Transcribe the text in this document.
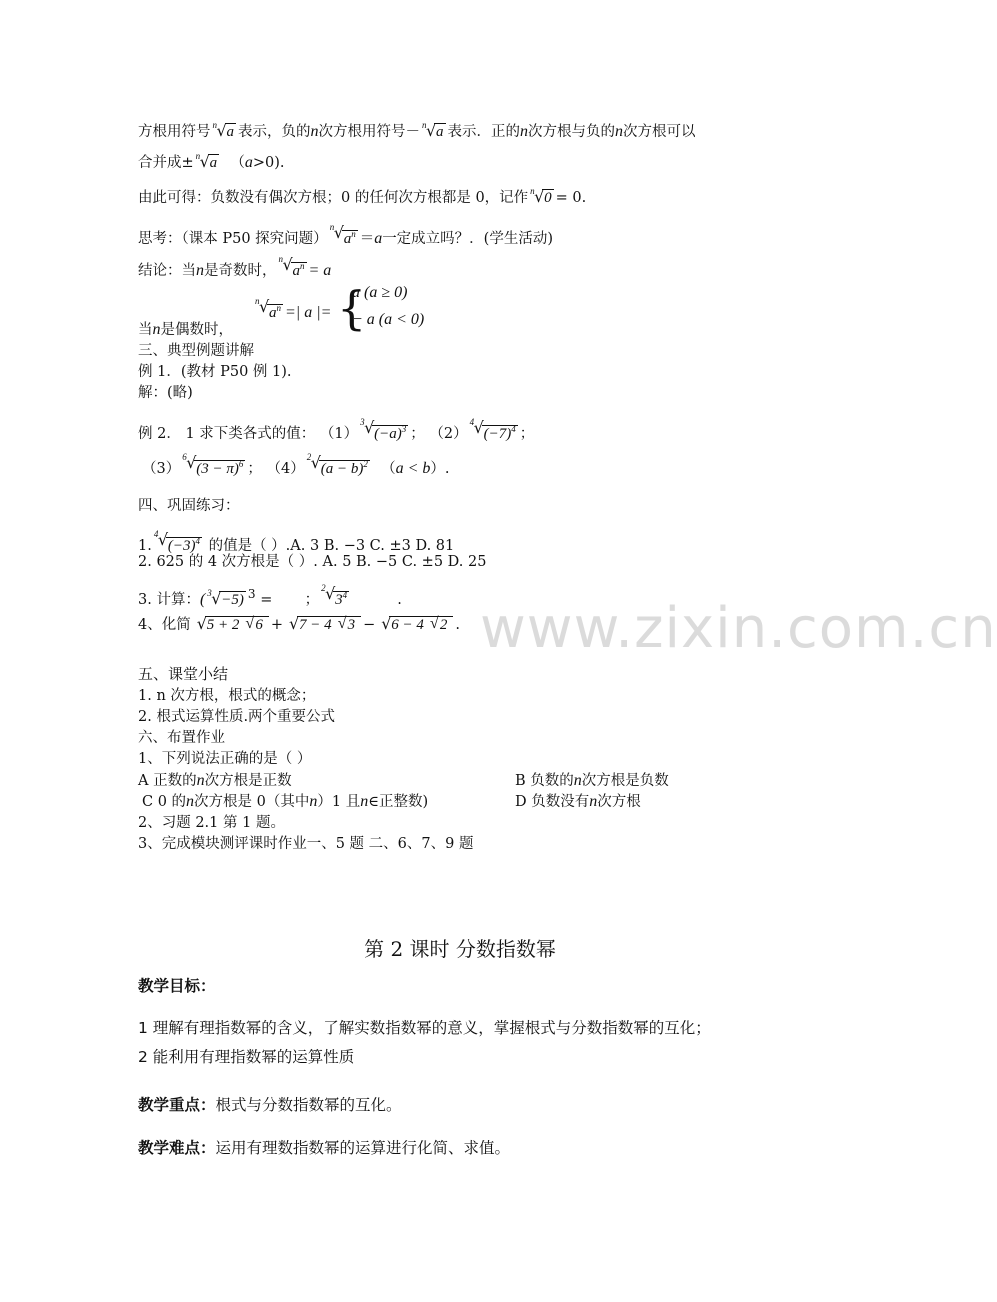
方根用符号 n √ a 表示，负的n次方根用符号－ n √ a 表示．正的n次方根与负的n次方根可以
合并成± n √ a （a>0).
由此可得：负数没有偶次方根；0 的任何次方根都是 0，记作 n √ 0 = 0.
思考：（课本 P50 探究问题）
n √ $a^n =a$一定成立吗？．(学生活动)
结论：当n是奇数时，
n √ $a^n = a$
n √ $a^n$ =| a |= {
a (a ≥ 0)
− a (a < 0)
当n是偶数时，
三、典型例题讲解
例 1．(教材 P50 例 1).
解：(略)
例 2． 1 求下类各式的值： （1）
3 √ $(-a)^3$ ； （2）
4 √ $(-7)^4$ ；
（3）
6 √ $(3 - \pi)^6$ ； （4）
2 √ $(a - b)^2$ （a < b）.
四、巩固练习：
1.
4 √ $(-3)^4$ 的值是（ ）.A. 3 B. −3 C. ±3 D. 81
2. 625 的 4 次方根是（ ）. A. 5 B. −5 C. ±5 D. 25
3. 计算：( 3 √ −5) $^3$ = ；
2 √ $3^4$	.
4、化简 √ 5 + 2 √ 6 + √ 7 − 4 √ 3 − √ 6 − 4 √ 2 .
五、课堂小结
1. n 次方根，根式的概念；
2. 根式运算性质.两个重要公式
六、布置作业
1、下列说法正确的是（ ）
A 正数的n次方根是正数	B 负数的n次方根是负数
C 0 的n次方根是 0（其中n）1 且n∈正整数)	D 负数没有n次方根
2、习题 2.1 第 1 题。
3、完成模块测评课时作业一、5 题 二、6、7、9 题
第 2 课时 分数指数幂
教学目标：
1 理解有理指数幂的含义，了解实数指数幂的意义，掌握根式与分数指数幂的互化；
2 能利用有理指数幂的运算性质
教学重点：根式与分数指数幂的互化。
教学难点：运用有理数指数幂的运算进行化简、求值。
www.zixin.com.cn
